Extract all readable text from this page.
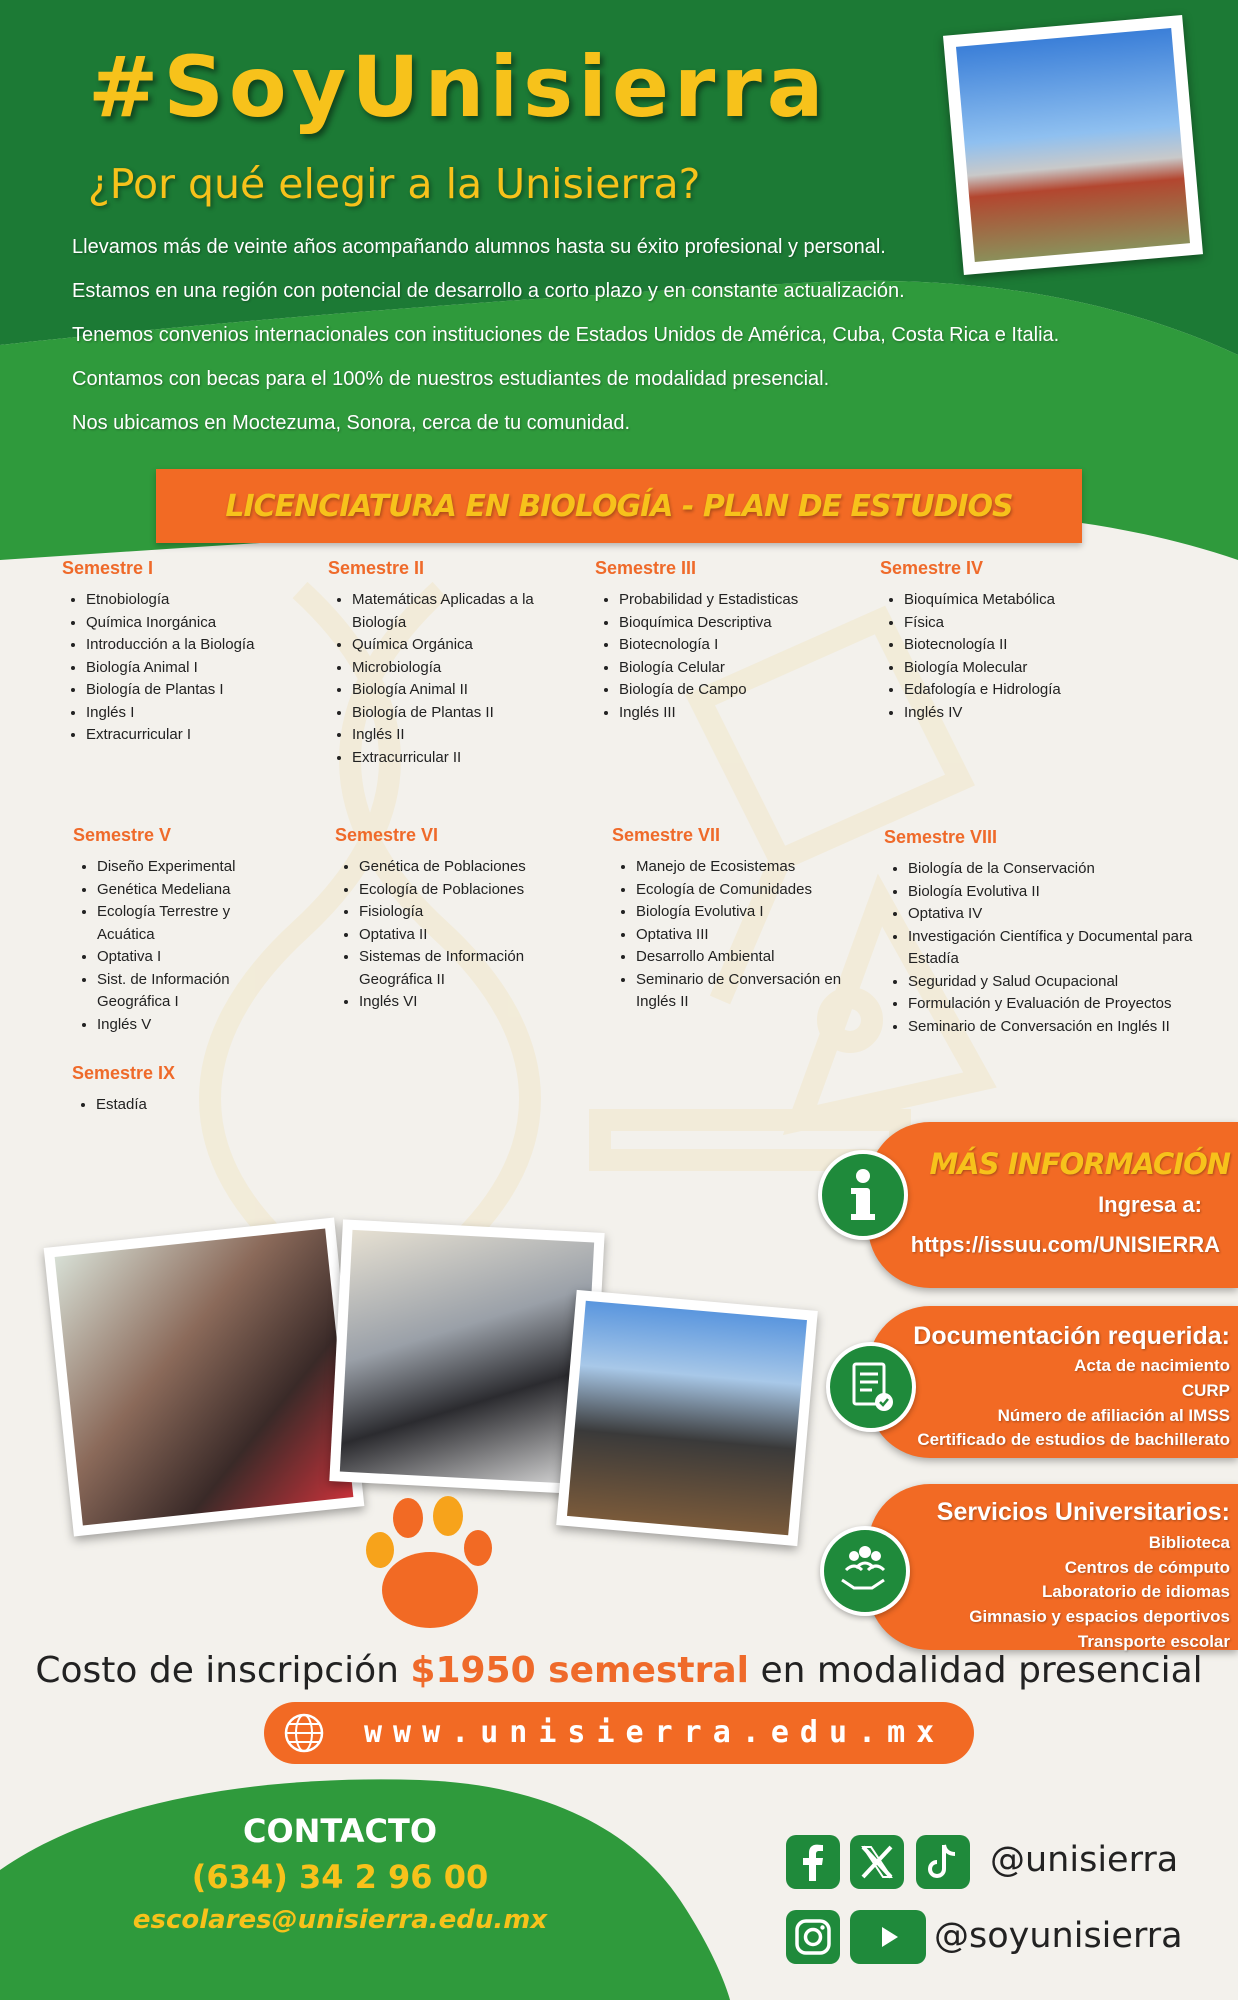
#SoyUnisierra
¿Por qué elegir a la Unisierra?
Llevamos más de veinte años acompañando alumnos hasta su éxito profesional y personal.
Estamos en una región con potencial de desarrollo a corto plazo y en constante actualización.
Tenemos convenios internacionales con instituciones de Estados Unidos de América, Cuba, Costa Rica e Italia.
Contamos con becas para el 100% de nuestros estudiantes de modalidad presencial.
Nos ubicamos en Moctezuma, Sonora, cerca de tu comunidad.
LICENCIATURA EN BIOLOGÍA - PLAN DE ESTUDIOS
Semestre I
• Etnobiología
• Química Inorgánica
• Introducción a la Biología
• Biología Animal I
• Biología de Plantas I
• Inglés I
• Extracurricular I
Semestre II
• Matemáticas Aplicadas a la Biología
• Química Orgánica
• Microbiología
• Biología Animal II
• Biología de Plantas II
• Inglés II
• Extracurricular II
Semestre III
• Probabilidad y Estadisticas
• Bioquímica Descriptiva
• Biotecnología I
• Biología Celular
• Biología de Campo
• Inglés III
Semestre IV
• Bioquímica Metabólica
• Física
• Biotecnología II
• Biología Molecular
• Edafología e Hidrología
• Inglés IV
Semestre V
• Diseño Experimental
• Genética Medeliana
• Ecología Terrestre y Acuática
• Optativa I
• Sist. de Información Geográfica I
• Inglés V
Semestre VI
• Genética de Poblaciones
• Ecología de Poblaciones
• Fisiología
• Optativa II
• Sistemas de Información Geográfica II
• Inglés VI
Semestre VII
• Manejo de Ecosistemas
• Ecología de Comunidades
• Biología Evolutiva I
• Optativa III
• Desarrollo Ambiental
• Seminario de Conversación en Inglés II
Semestre VIII
• Biología de la Conservación
• Biología Evolutiva II
• Optativa IV
• Investigación Científica y Documental para Estadía
• Seguridad y Salud Ocupacional
• Formulación y Evaluación de Proyectos
• Seminario de Conversación en Inglés II
Semestre IX
• Estadía
MÁS INFORMACIÓN
Ingresa a:
https://issuu.com/UNISIERRA
Documentación requerida:
Acta de nacimiento
CURP
Número de afiliación al IMSS
Certificado de estudios de bachillerato
Servicios Universitarios:
Biblioteca
Centros de cómputo
Laboratorio de idiomas
Gimnasio y espacios deportivos
Transporte escolar
Costo de inscripción $1950 semestral en modalidad presencial
www.unisierra.edu.mx
CONTACTO
(634) 34 2 96 00
escolares@unisierra.edu.mx
@unisierra
@soyunisierra
